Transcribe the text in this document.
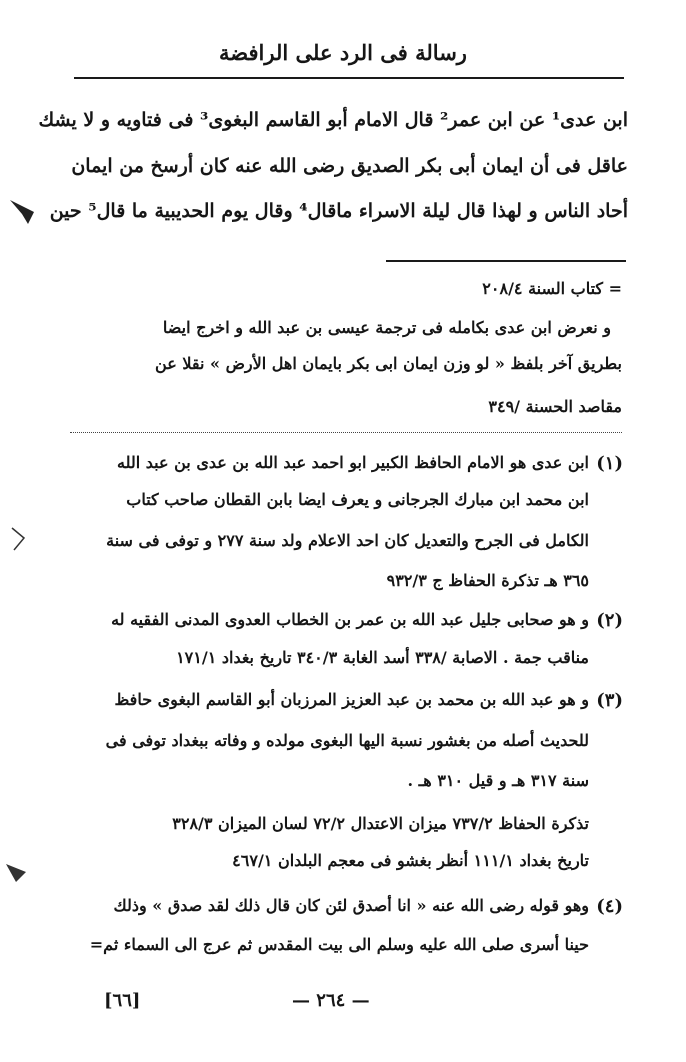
رسالة فى الرد على الرافضة
ابن عدى¹ عن ابن عمر² قال الامام أبو القاسم البغوى³ فى فتاويه و لا يشك
عاقل فى أن ايمان أبى بكر الصديق رضى الله عنه كان أرسخ من ايمان
أحاد الناس و لهذا قال ليلة الاسراء ماقال⁴ وقال يوم الحديبية ما قال⁵ حين
= كتاب السنة ٢٠٨/٤
و نعرض ابن عدى بكامله فى ترجمة عيسى بن عبد الله و اخرج ايضا
بطريق آخر بلفظ « لو وزن ايمان ابى بكر بايمان اهل الأرض » نقلا عن
مقاصد الحسنة /٣٤٩
(١)
ابن عدى هو الامام الحافظ الكبير ابو احمد عبد الله بن عدى بن عبد الله
ابن محمد ابن مبارك الجرجانى و يعرف ايضا بابن القطان صاحب كتاب
الكامل فى الجرح والتعديل كان احد الاعلام ولد سنة ٢٧٧ و توفى فى سنة
٣٦٥ هـ تذكرة الحفاظ ج ٩٣٢/٣
(٢)
و هو صحابى جليل عبد الله بن عمر بن الخطاب العدوى المدنى الفقيه له
مناقب جمة . الاصابة /٣٣٨ أسد الغابة ٣٤٠/٣ تاريخ بغداد ١٧١/١
(٣)
و هو عبد الله بن محمد بن عبد العزيز المرزبان أبو القاسم البغوى حافظ
للحديث أصله من بغشور نسبة اليها البغوى مولده و وفاته ببغداد توفى فى
سنة ٣١٧ هـ و قيل ٣١٠ هـ .
تذكرة الحفاظ ٧٣٧/٢ ميزان الاعتدال ٧٢/٢ لسان الميزان ٣٢٨/٣
تاريخ بغداد ١١١/١ أنظر بغشو فى معجم البلدان ٤٦٧/١
(٤)
وهو قوله رضى الله عنه « انا أصدق لئن كان قال ذلك لقد صدق » وذلك
حينا أسرى صلى الله عليه وسلم الى بيت المقدس ثم عرج الى السماء ثم=
— ٢٦٤ —
[٦٦]
